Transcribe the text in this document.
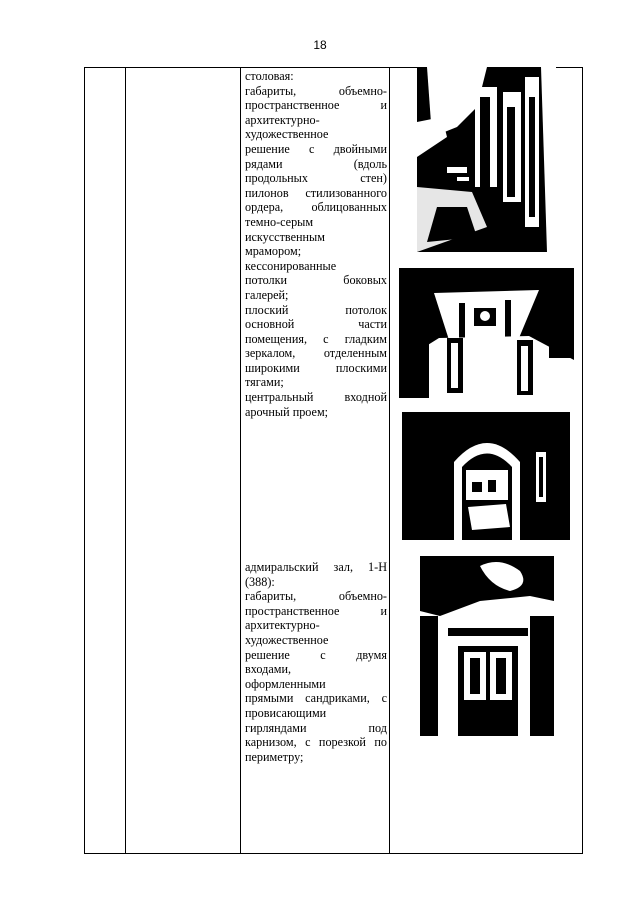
18

столовая:

габариты, объемно-

пространственное и

архитектурно-

художественное

решение с двойными

рядами (вдоль

продольных стен)

пилонов стилизованного

ордера, облицованных

темно-серым

искусственным

мрамором;

кессонированные

потолки боковых

галерей;

плоский потолок

основной части

помещения, с гладким

зеркалом, отделенным

широкими плоскими

тягами;

центральный входной

арочный проем;

адмиральский зал, 1-Н

(388):

габариты, объемно-

пространственное и

архитектурно-

художественное

решение с двумя

входами,

оформленными

прямыми сандриками, с

провисающими

гирляндами под

карнизом, с порезкой по

периметру;
